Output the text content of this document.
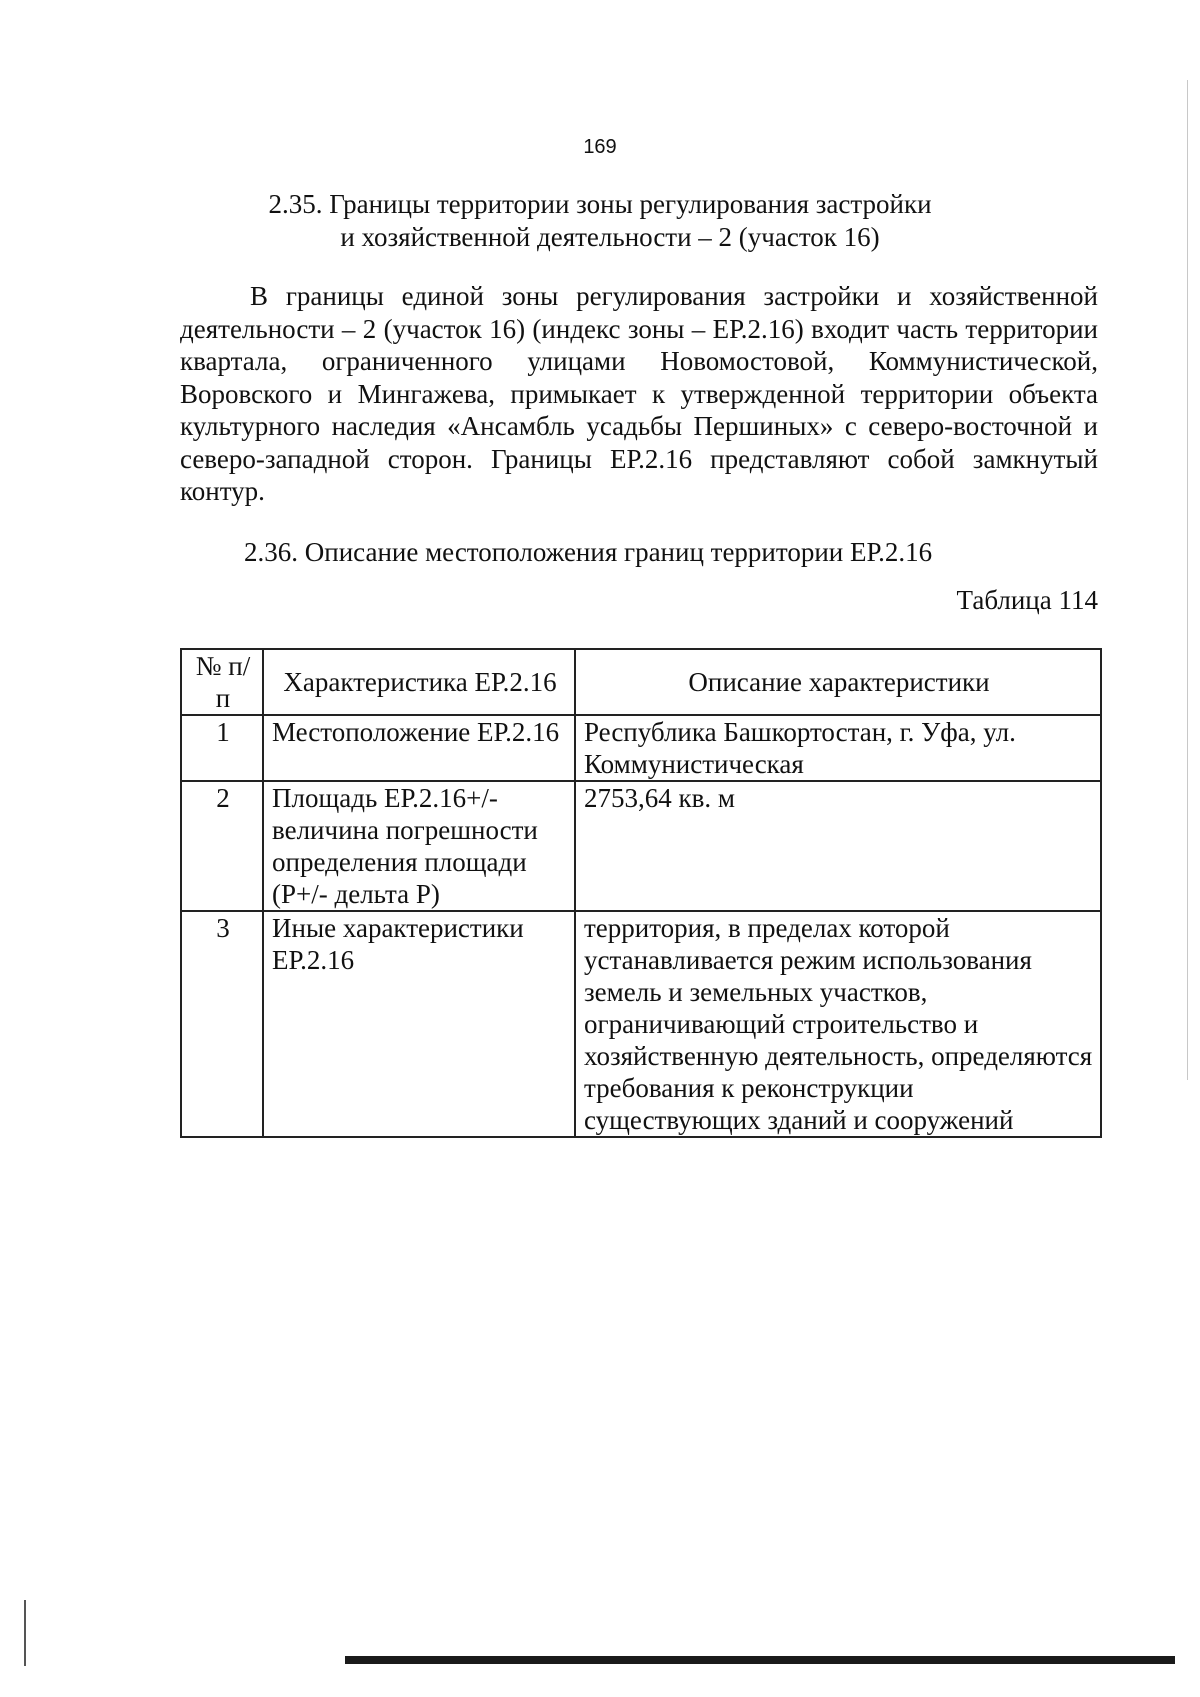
169
2.35. Границы территории зоны регулирования застройки
и хозяйственной деятельности – 2 (участок 16)
В границы единой зоны регулирования застройки и хозяйственной деятельности – 2 (участок 16) (индекс зоны – ЕР.2.16) входит часть территории квартала, ограниченного улицами Новомостовой, Коммунистической, Воровского и Мингажева, примыкает к утвержденной территории объекта культурного наследия «Ансамбль усадьбы Першиных» с северо-восточной и северо-западной сторон. Границы ЕР.2.16 представляют собой замкнутый контур.
2.36. Описание местоположения границ территории ЕР.2.16
Таблица 114
№ п/п	Характеристика ЕР.2.16	Описание характеристики
1	Местоположение ЕР.2.16	Республика Башкортостан, г. Уфа, ул. Коммунистическая
2	Площадь ЕР.2.16+/- величина погрешности определения площади (Р+/- дельта Р)	2753,64 кв. м
3	Иные характеристики ЕР.2.16	территория, в пределах которой устанавливается режим использования земель и земельных участков, ограничивающий строительство и хозяйственную деятельность, определяются требования к реконструкции существующих зданий и сооружений
